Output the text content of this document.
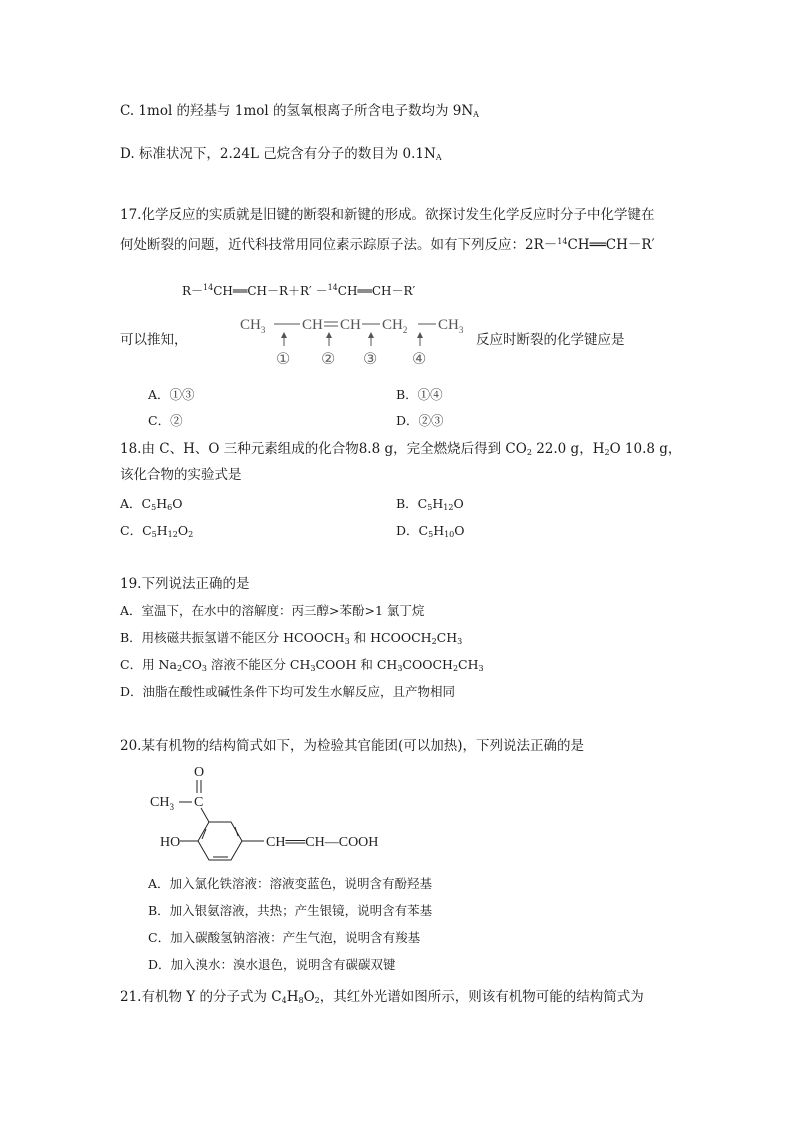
C. 1mol 的羟基与 1mol 的氢氧根离子所含电子数均为 $9N_A$
D. 标准状况下，2.24L 己烷含有分子的数目为 $0.1N_A$
17.化学反应的实质就是旧键的断裂和新键的形成。欲探讨发生化学反应时分子中化学键在
何处断裂的问题，近代科技常用同位素示踪原子法。如有下列反应：2R－$^{14}$CH══CH－R′
R－$^{14}$CH══CH－R＋R′ －$^{14}$CH══CH－R′
可以推知，
$CH_3$ CH CH $CH_2$ $CH_3$
① ② ③ ④
反应时断裂的化学键应是
A．①③	B．①④
C．②	D．②③
18.由 C、H、O 三种元素组成的化合物8.8 g，完全燃烧后得到 $CO_2$ 22.0 g，$H_2O$ 10.8 g，
该化合物的实验式是
A．$C_5H_6O$	B．$C_5H_{12}O$
C．$C_5H_{12}O_2$	D．$C_5H_{10}O$
19.下列说法正确的是
A．室温下，在水中的溶解度：丙三醇>苯酚>1 氯丁烷
B．用核磁共振氢谱不能区分 $HCOOCH_3$ 和 $HCOOCH_2CH_3$
C．用 $Na_2CO_3$ 溶液不能区分 $CH_3COOH$ 和 $CH_3COOCH_2CH_3$
D．油脂在酸性或碱性条件下均可发生水解反应，且产物相同
20.某有机物的结构简式如下，为检验其官能团(可以加热)，下列说法正确的是
O
$CH_3$ C
HO	CH══CH—COOH
A．加入氯化铁溶液：溶液变蓝色，说明含有酚羟基
B．加入银氨溶液，共热；产生银镜，说明含有苯基
C．加入碳酸氢钠溶液：产生气泡，说明含有羧基
D．加入溴水：溴水退色，说明含有碳碳双键
21.有机物 Y 的分子式为 $C_4H_8O_2$，其红外光谱如图所示，则该有机物可能的结构简式为
